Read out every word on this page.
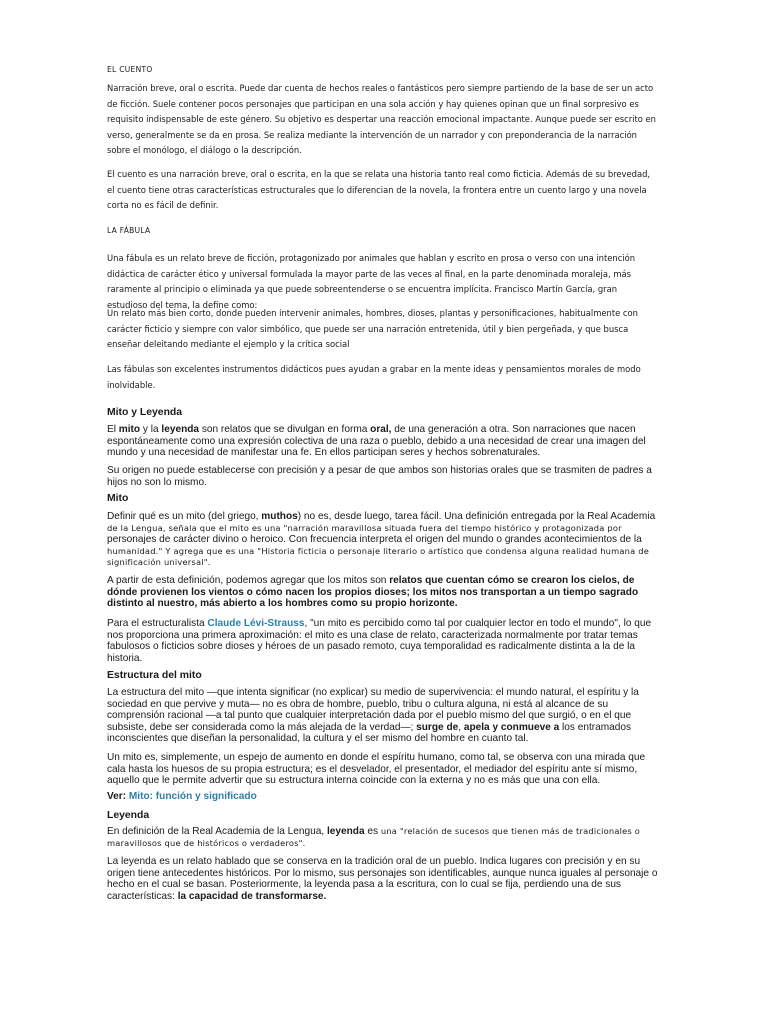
EL CUENTO

Narración breve, oral o escrita. Puede dar cuenta de hechos reales o fantásticos pero siempre partiendo de la base de ser un acto de ficción. Suele contener pocos personajes que participan en una sola acción y hay quienes opinan que un final sorpresivo es requisito indispensable de este género. Su objetivo es despertar una reacción emocional impactante. Aunque puede ser escrito en verso, generalmente se da en prosa. Se realiza mediante la intervención de un narrador y con preponderancia de la narración sobre el monólogo, el diálogo o la descripción.

El cuento es una narración breve, oral o escrita, en la que se relata una historia tanto real como ficticia. Además de su brevedad, el cuento tiene otras características estructurales que lo diferencian de la novela, la frontera entre un cuento largo y una novela corta no es fácil de definir.

LA FÁBULA

Una fábula es un relato breve de ficción, protagonizado por animales que hablan y escrito en prosa o verso con una intención didáctica de carácter ético y universal formulada la mayor parte de las veces al final, en la parte denominada moraleja, más raramente al principio o eliminada ya que puede sobreentenderse o se encuentra implícita. Francisco Martín García, gran estudioso del tema, la define como:

Un relato más bien corto, donde pueden intervenir animales, hombres, dioses, plantas y personificaciones, habitualmente con carácter ficticio y siempre con valor simbólico, que puede ser una narración entretenida, útil y bien pergeñada, y que busca enseñar deleitando mediante el ejemplo y la crítica social

Las fábulas son excelentes instrumentos didácticos pues ayudan a grabar en la mente ideas y pensamientos morales de modo inolvidable.

Mito y Leyenda

El mito y la leyenda son relatos que se divulgan en forma oral, de una generación a otra. Son narraciones que nacen espontáneamente como una expresión colectiva de una raza o pueblo, debido a una necesidad de crear una imagen del mundo y una necesidad de manifestar una fe. En ellos participan seres y hechos sobrenaturales.

Su origen no puede establecerse con precisión y a pesar de que ambos son historias orales que se trasmiten de padres a hijos no son lo mismo.

Mito

Definir qué es un mito (del griego, muthos) no es, desde luego, tarea fácil. Una definición entregada por la Real Academia
de la Lengua, señala que el mito es una "narración maravillosa situada fuera del tiempo histórico y protagonizada por
personajes de carácter divino o heroico. Con frecuencia interpreta el origen del mundo o grandes acontecimientos de la
humanidad." Y agrega que es una "Historia ficticia o personaje literario o artístico que condensa alguna realidad humana de
significación universal".

A partir de esta definición, podemos agregar que los mitos son relatos que cuentan cómo se crearon los cielos, de dónde provienen los vientos o cómo nacen los propios dioses; los mitos nos transportan a un tiempo sagrado distinto al nuestro, más abierto a los hombres como su propio horizonte.

Para el estructuralista Claude Lévi-Strauss, "un mito es percibido como tal por cualquier lector en todo el mundo", lo que nos proporciona una primera aproximación: el mito es una clase de relato, caracterizada normalmente por tratar temas fabulosos o ficticios sobre dioses y héroes de un pasado remoto, cuya temporalidad es radicalmente distinta a la de la historia.

Estructura del mito

La estructura del mito —que intenta significar (no explicar) su medio de supervivencia: el mundo natural, el espíritu y la sociedad en que pervive y muta— no es obra de hombre, pueblo, tribu o cultura alguna, ni está al alcance de su comprensión racional —a tal punto que cualquier interpretación dada por el pueblo mismo del que surgió, o en el que subsiste, debe ser considerada como la más alejada de la verdad—; surge de, apela y conmueve a los entramados inconscientes que diseñan la personalidad, la cultura y el ser mismo del hombre en cuanto tal.

Un mito es, simplemente, un espejo de aumento en donde el espíritu humano, como tal, se observa con una mirada que cala hasta los huesos de su propia estructura; es el desvelador, el presentador, el mediador del espíritu ante sí mismo, aquello que le permite advertir que su estructura interna coincide con la externa y no es más que una con ella.

Ver: Mito: función y significado

Leyenda

En definición de la Real Academia de la Lengua, leyenda es una "relación de sucesos que tienen más de tradicionales o
maravillosos que de históricos o verdaderos".

La leyenda es un relato hablado que se conserva en la tradición oral de un pueblo. Indica lugares con precisión y en su origen tiene antecedentes históricos. Por lo mismo, sus personajes son identificables, aunque nunca iguales al personaje o hecho en el cual se basan. Posteriormente, la leyenda pasa a la escritura, con lo cual se fija, perdiendo una de sus características: la capacidad de transformarse.
